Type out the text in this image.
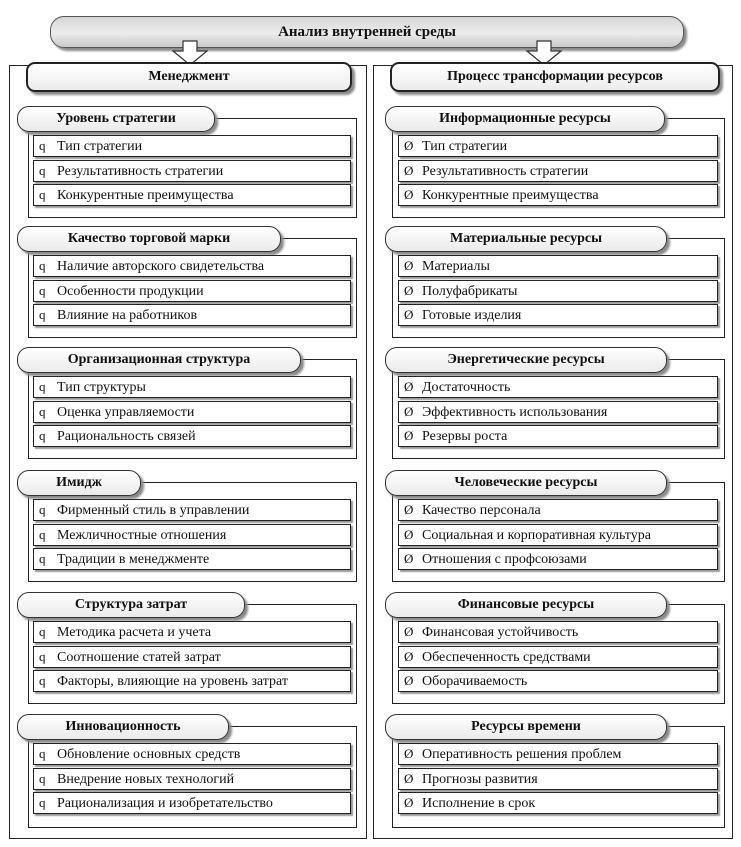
Анализ внутренней среды
Менеджмент	Процесс трансформации ресурсов
Уровень стратегии
q Тип стратегии
q Результативность стратегии
q Конкурентные преимущества
Качество торговой марки
q Наличие авторского свидетельства
q Особенности продукции
q Влияние на работников
Организационная структура
q Тип структуры
q Оценка управляемости
q Рациональность связей
Имидж
q Фирменный стиль в управлении
q Межличностные отношения
q Традиции в менеджменте
Структура затрат
q Методика расчета и учета
q Соотношение статей затрат
q Факторы, влияющие на уровень затрат
Инновационность
q Обновление основных средств
q Внедрение новых технологий
q Рационализация и изобретательство
Информационные ресурсы
Ø Тип стратегии
Ø Результативность стратегии
Ø Конкурентные преимущества
Материальные ресурсы
Ø Материалы
Ø Полуфабрикаты
Ø Готовые изделия
Энергетические ресурсы
Ø Достаточность
Ø Эффективность использования
Ø Резервы роста
Человеческие ресурсы
Ø Качество персонала
Ø Социальная и корпоративная культура
Ø Отношения с профсоюзами
Финансовые ресурсы
Ø Финансовая устойчивость
Ø Обеспеченность средствами
Ø Оборачиваемость
Ресурсы времени
Ø Оперативность решения проблем
Ø Прогнозы развития
Ø Исполнение в срок
